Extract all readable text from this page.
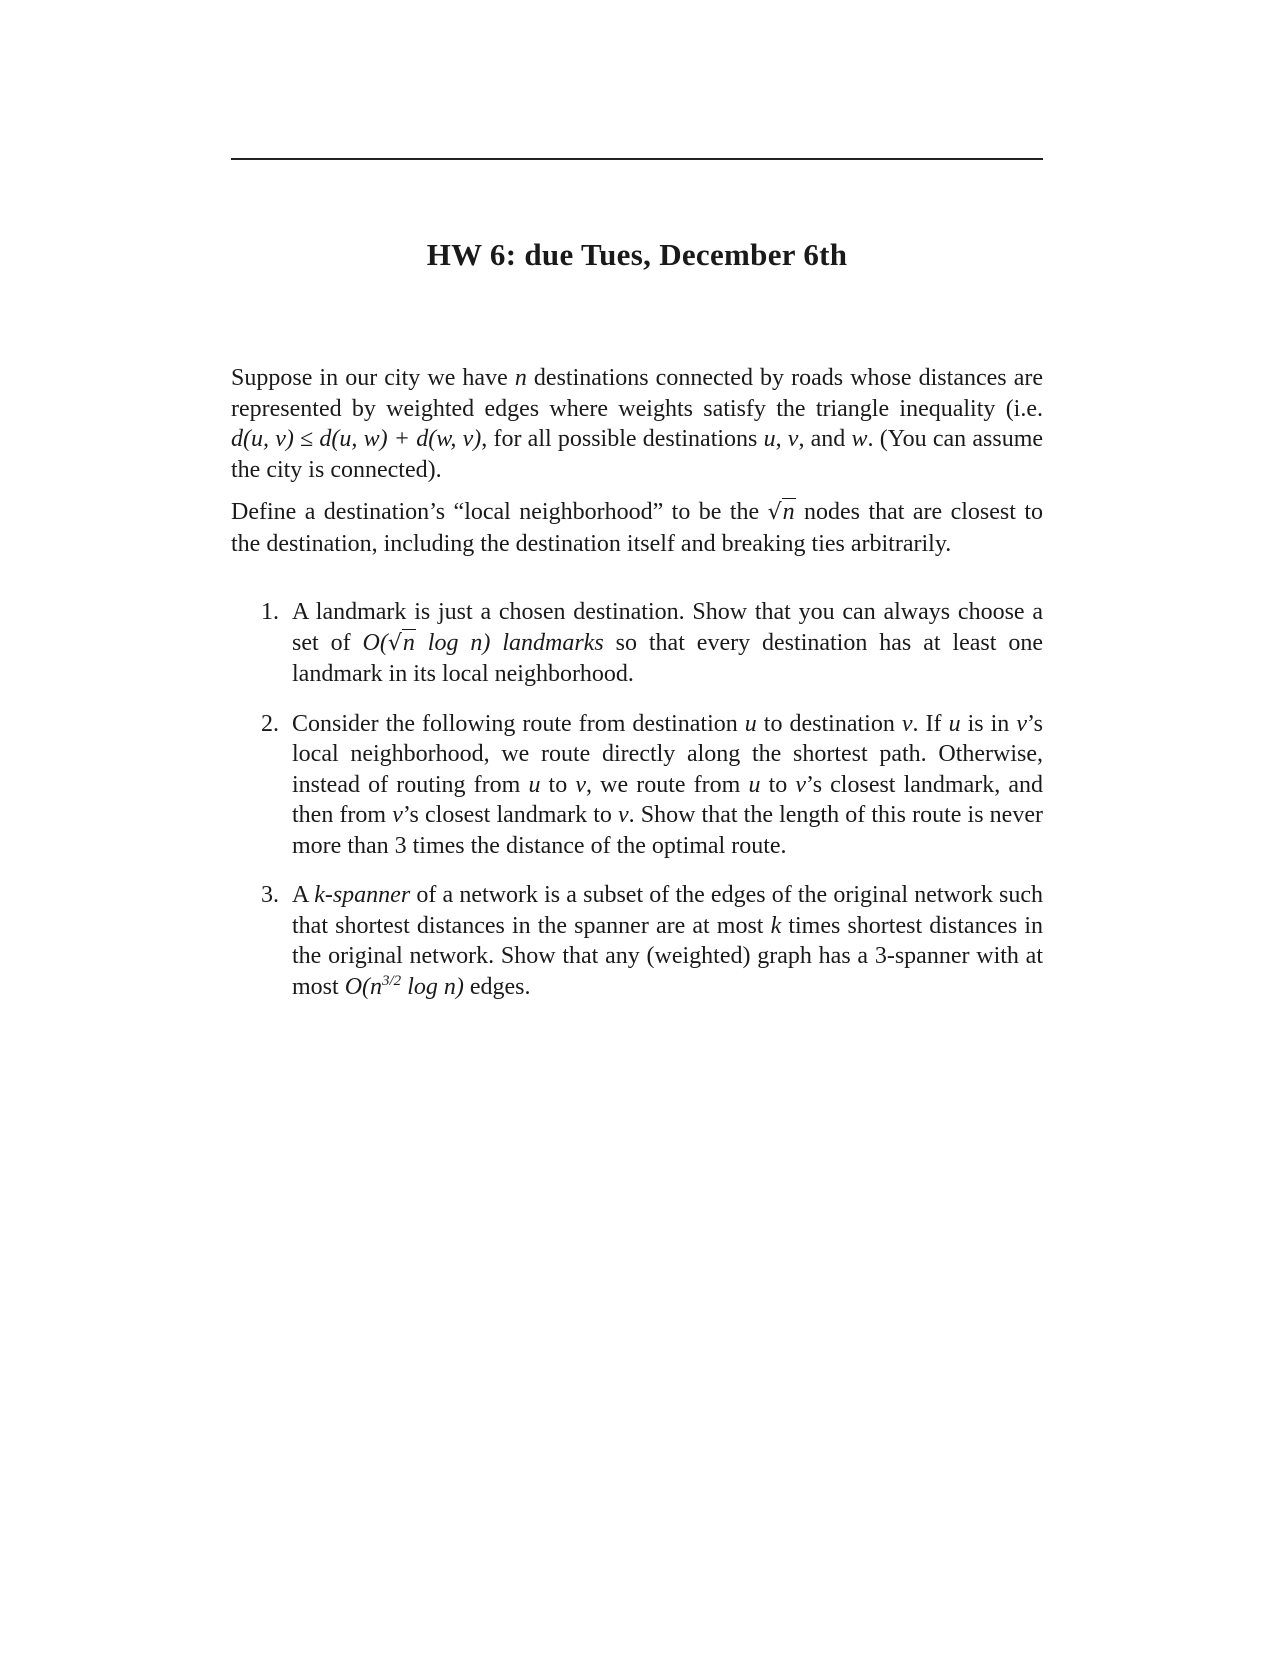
HW 6: due Tues, December 6th

Suppose in our city we have n destinations connected by roads whose distances are represented by weighted edges where weights satisfy the triangle inequality (i.e. d(u, v) ≤ d(u, w) + d(w, v), for all possible destinations u, v, and w. (You can assume the city is connected).

Define a destination’s “local neighborhood” to be the √n nodes that are closest to the destination, including the destination itself and breaking ties arbitrarily.

1. A landmark is just a chosen destination. Show that you can always choose a set of O(√n log n) landmarks so that every destination has at least one landmark in its local neighborhood.
2. Consider the following route from destination u to destination v. If u is in v’s local neighborhood, we route directly along the shortest path. Otherwise, instead of routing from u to v, we route from u to v’s closest landmark, and then from v’s closest landmark to v. Show that the length of this route is never more than 3 times the distance of the optimal route.
3. A k-spanner of a network is a subset of the edges of the original network such that shortest distances in the spanner are at most k times shortest distances in the original network. Show that any (weighted) graph has a 3-spanner with at most $O(n^{3/2}$ log n) edges.
